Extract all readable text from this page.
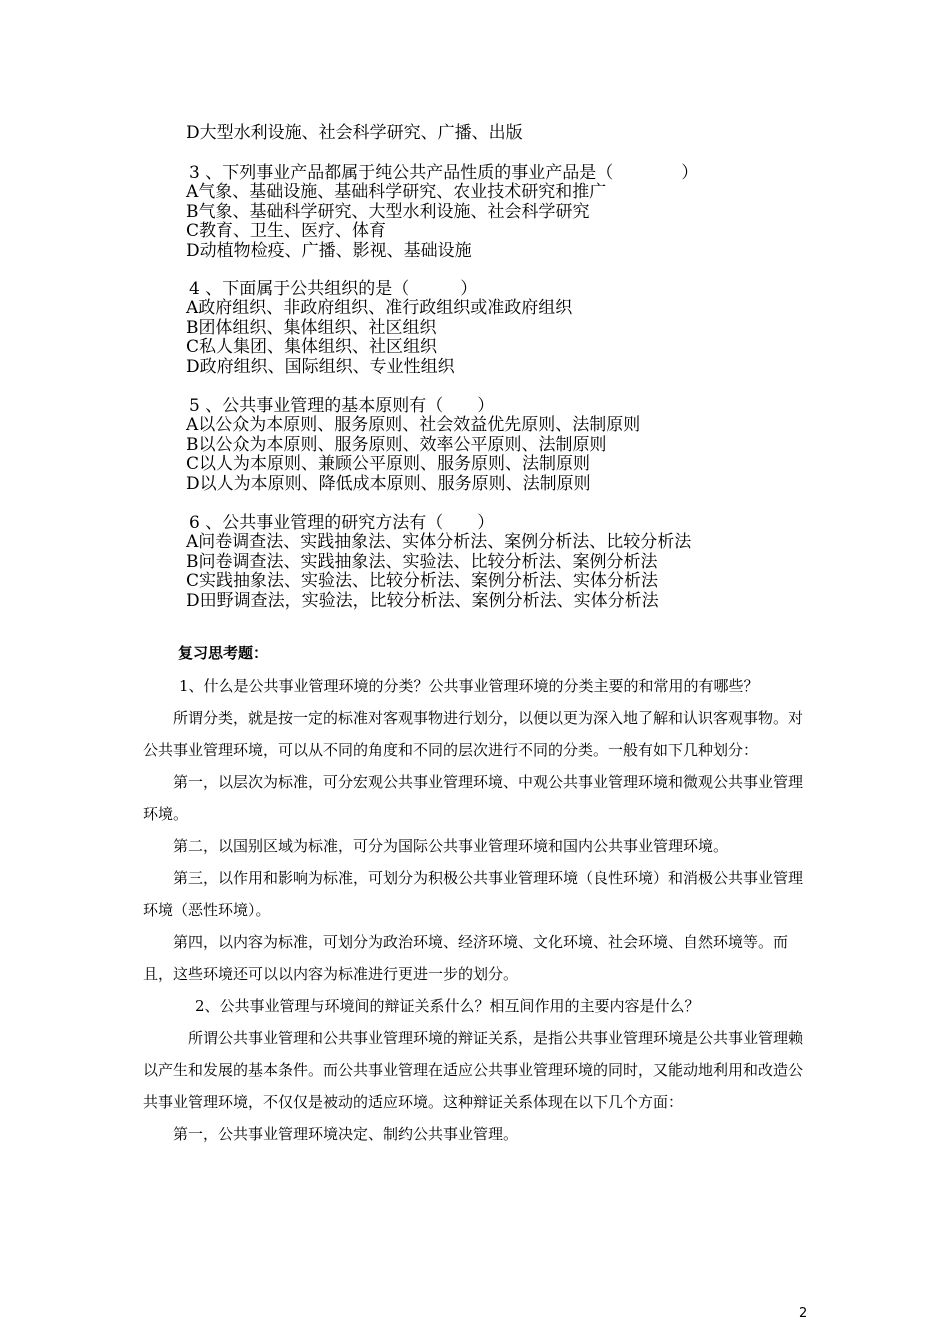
D大型水利设施、社会科学研究、广播、出版
3 、下列事业产品都属于纯公共产品性质的事业产品是（　　　　）
A气象、基础设施、基础科学研究、农业技术研究和推广
B气象、基础科学研究、大型水利设施、社会科学研究
C教育、卫生、医疗、体育
D动植物检疫、广播、影视、基础设施
4 、下面属于公共组织的是（　　　）
A政府组织、非政府组织、准行政组织或准政府组织
B团体组织、集体组织、社区组织
C私人集团、集体组织、社区组织
D政府组织、国际组织、专业性组织
5 、公共事业管理的基本原则有（　　）
A以公众为本原则、服务原则、社会效益优先原则、法制原则
B以公众为本原则、服务原则、效率公平原则、法制原则
C以人为本原则、兼顾公平原则、服务原则、法制原则
D以人为本原则、降低成本原则、服务原则、法制原则
6 、公共事业管理的研究方法有（　　）
A问卷调查法、实践抽象法、实体分析法、案例分析法、比较分析法
B问卷调查法、实践抽象法、实验法、比较分析法、案例分析法
C实践抽象法、实验法、比较分析法、案例分析法、实体分析法
D田野调查法，实验法，比较分析法、案例分析法、实体分析法
复习思考题：

1、什么是公共事业管理环境的分类？公共事业管理环境的分类主要的和常用的有哪些？

所谓分类，就是按一定的标准对客观事物进行划分，以便以更为深入地了解和认识客观事物。对公共事业管理环境，可以从不同的角度和不同的层次进行不同的分类。一般有如下几种划分：

第一，以层次为标准，可分宏观公共事业管理环境、中观公共事业管理环境和微观公共事业管理环境。

第二，以国别区域为标准，可分为国际公共事业管理环境和国内公共事业管理环境。

第三，以作用和影响为标准，可划分为积极公共事业管理环境（良性环境）和消极公共事业管理环境（恶性环境）。

第四，以内容为标准，可划分为政治环境、经济环境、文化环境、社会环境、自然环境等。而且，这些环境还可以以内容为标准进行更进一步的划分。

2、公共事业管理与环境间的辩证关系什么？相互间作用的主要内容是什么？

所谓公共事业管理和公共事业管理环境的辩证关系，是指公共事业管理环境是公共事业管理赖以产生和发展的基本条件。而公共事业管理在适应公共事业管理环境的同时，又能动地利用和改造公共事业管理环境，不仅仅是被动的适应环境。这种辩证关系体现在以下几个方面：

第一，公共事业管理环境决定、制约公共事业管理。

2
